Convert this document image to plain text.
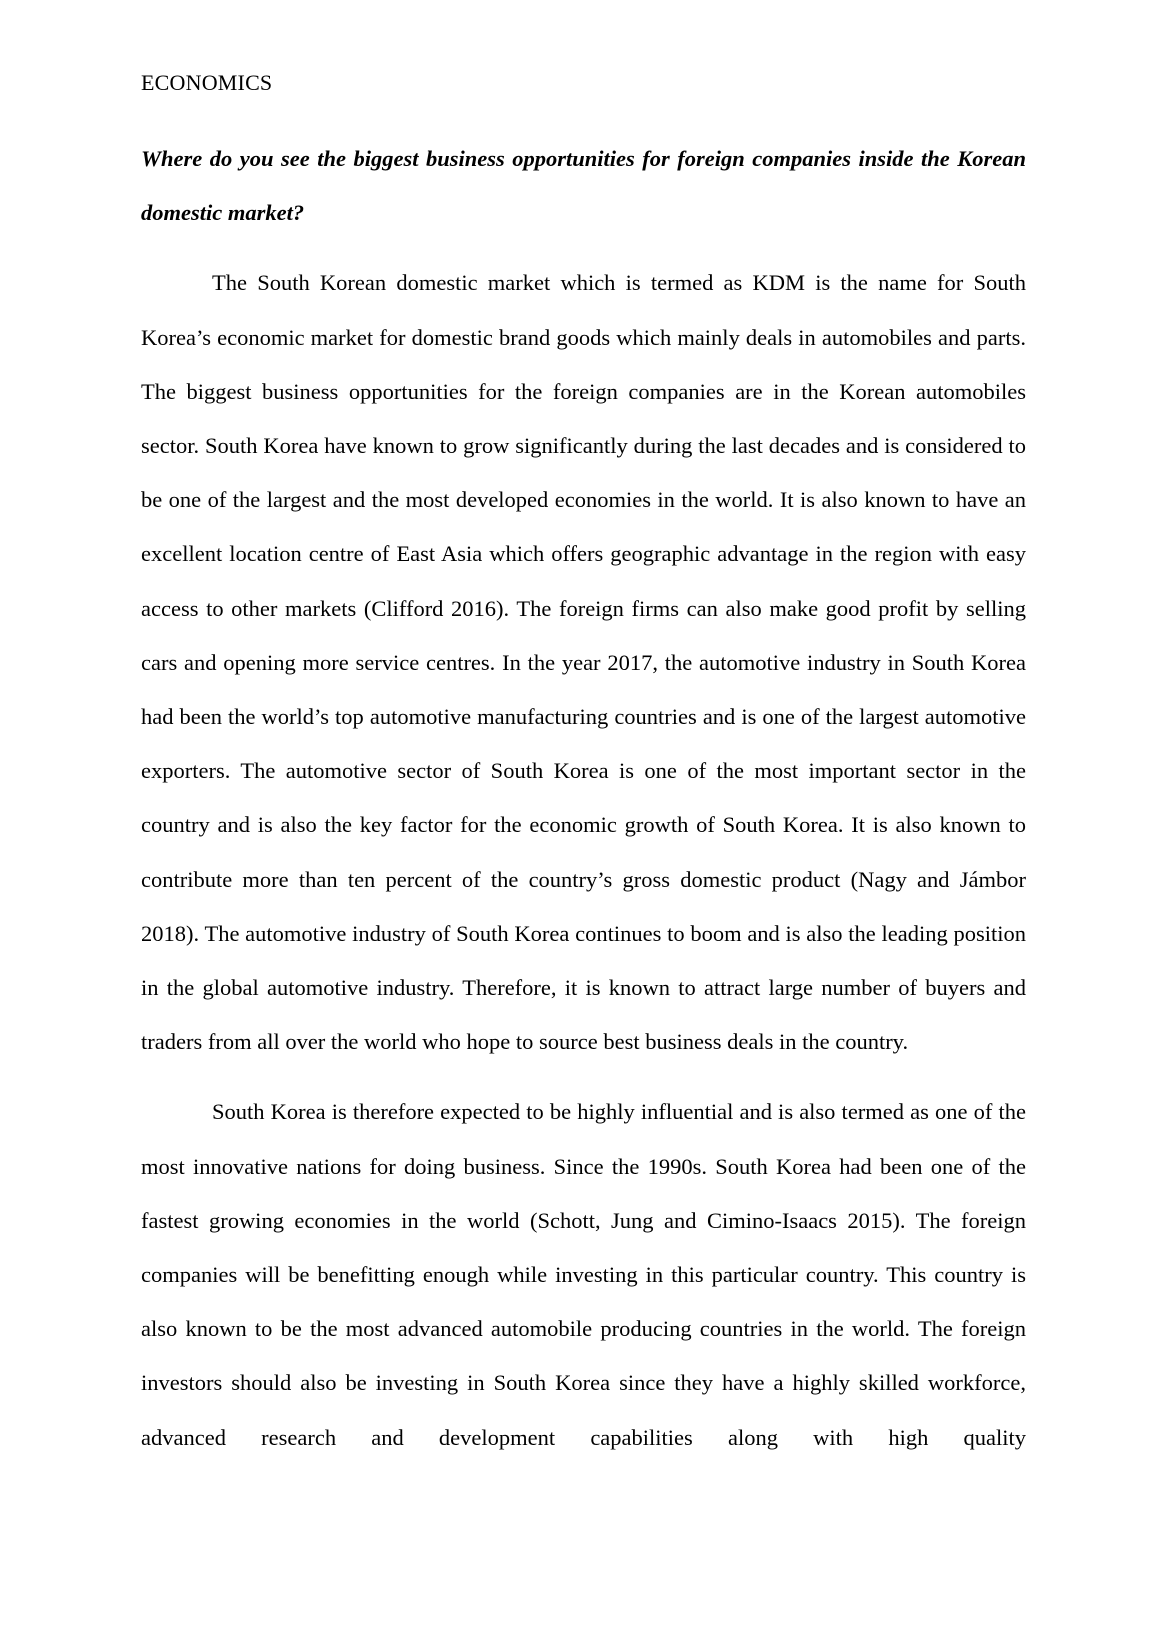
ECONOMICS

Where do you see the biggest business opportunities for foreign companies inside the Korean domestic market?

The South Korean domestic market which is termed as KDM is the name for South Korea’s economic market for domestic brand goods which mainly deals in automobiles and parts. The biggest business opportunities for the foreign companies are in the Korean automobiles sector. South Korea have known to grow significantly during the last decades and is considered to be one of the largest and the most developed economies in the world. It is also known to have an excellent location centre of East Asia which offers geographic advantage in the region with easy access to other markets (Clifford 2016). The foreign firms can also make good profit by selling cars and opening more service centres. In the year 2017, the automotive industry in South Korea had been the world’s top automotive manufacturing countries and is one of the largest automotive exporters. The automotive sector of South Korea is one of the most important sector in the country and is also the key factor for the economic growth of South Korea. It is also known to contribute more than ten percent of the country’s gross domestic product (Nagy and Jámbor 2018). The automotive industry of South Korea continues to boom and is also the leading position in the global automotive industry. Therefore, it is known to attract large number of buyers and traders from all over the world who hope to source best business deals in the country.

South Korea is therefore expected to be highly influential and is also termed as one of the most innovative nations for doing business. Since the 1990s. South Korea had been one of the fastest growing economies in the world (Schott, Jung and Cimino-Isaacs 2015). The foreign companies will be benefitting enough while investing in this particular country. This country is also known to be the most advanced automobile producing countries in the world. The foreign investors should also be investing in South Korea since they have a highly skilled workforce, advanced research and development capabilities along with high quality
